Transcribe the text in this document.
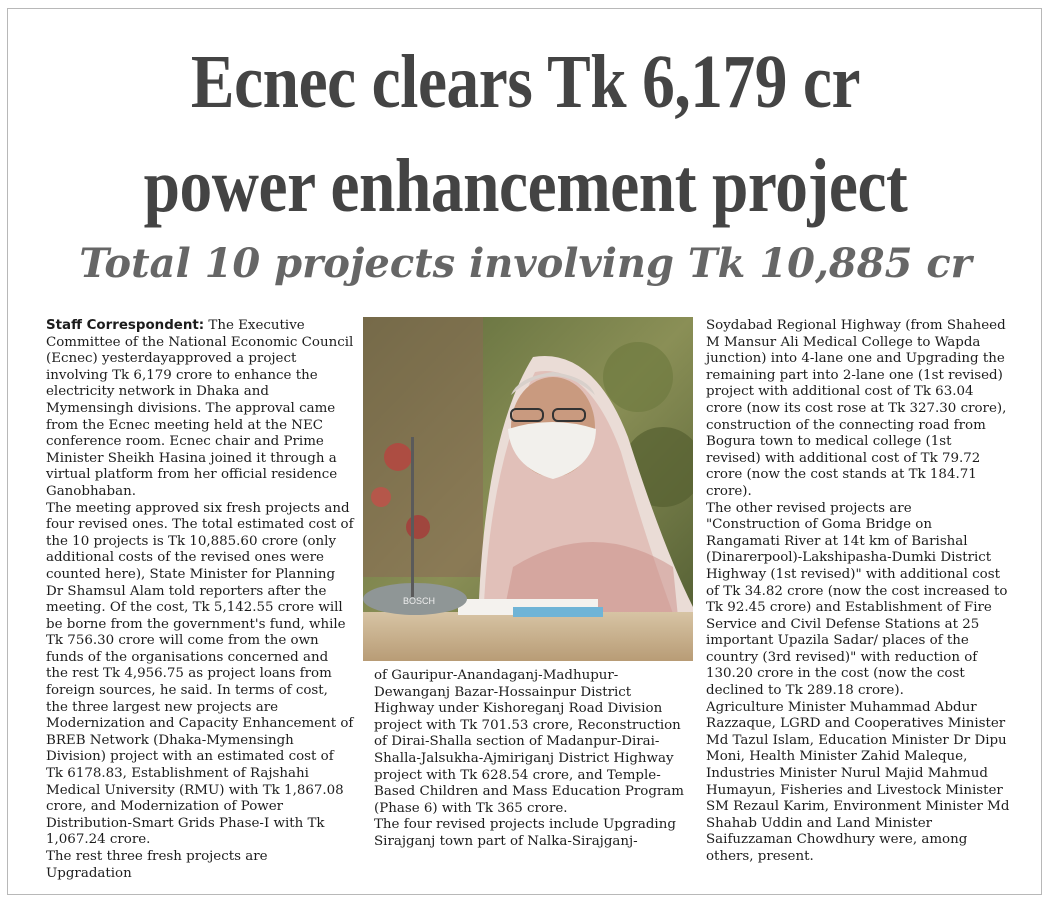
Ecnec clears Tk 6,179 cr
power enhancement project
Total 10 projects involving Tk 10,885 cr

Staff Correspondent: The Executive Committee of the National Economic Council (Ecnec) yesterdayapproved a project involving Tk 6,179 crore to enhance the electricity network in Dhaka and Mymensingh divisions. The approval came from the Ecnec meeting held at the NEC conference room. Ecnec chair and Prime Minister Sheikh Hasina joined it through a virtual platform from her official residence Ganobhaban.

The meeting approved six fresh projects and four revised ones. The total estimated cost of the 10 projects is Tk 10,885.60 crore (only additional costs of the revised ones were counted here), State Minister for Planning Dr Shamsul Alam told reporters after the meeting. Of the cost, Tk 5,142.55 crore will be borne from the government's fund, while Tk 756.30 crore will come from the own funds of the organisations concerned and the rest Tk 4,956.75 as project loans from foreign sources, he said. In terms of cost, the three largest new projects are Modernization and Capacity Enhancement of BREB Network (Dhaka-Mymensingh Division) project with an estimated cost of Tk 6178.83, Establishment of Rajshahi Medical University (RMU) with Tk 1,867.08 crore, and Modernization of Power Distribution-Smart Grids Phase-I with Tk 1,067.24 crore.

The rest three fresh projects are Upgradation

BOSCH

of Gauripur-Anandaganj-Madhupur-Dewanganj Bazar-Hossainpur District Highway under Kishoreganj Road Division project with Tk 701.53 crore, Reconstruction of Dirai-Shalla section of Madanpur-Dirai-Shalla-Jalsukha-Ajmiriganj District Highway project with Tk 628.54 crore, and Temple-Based Children and Mass Education Program (Phase 6) with Tk 365 crore.

The four revised projects include Upgrading Sirajganj town part of Nalka-Sirajganj-

Soydabad Regional Highway (from Shaheed M Mansur Ali Medical College to Wapda junction) into 4-lane one and Upgrading the remaining part into 2-lane one (1st revised) project with additional cost of Tk 63.04 crore (now its cost rose at Tk 327.30 crore), construction of the connecting road from Bogura town to medical college (1st revised) with additional cost of Tk 79.72 crore (now the cost stands at Tk 184.71 crore).

The other revised projects are "Construction of Goma Bridge on Rangamati River at 14t km of Barishal (Dinarerpool)-Lakshipasha-Dumki District Highway (1st revised)" with additional cost of Tk 34.82 crore (now the cost increased to Tk 92.45 crore) and Establishment of Fire Service and Civil Defense Stations at 25 important Upazila Sadar/ places of the country (3rd revised)" with reduction of 130.20 crore in the cost (now the cost declined to Tk 289.18 crore).

Agriculture Minister Muhammad Abdur Razzaque, LGRD and Cooperatives Minister Md Tazul Islam, Education Minister Dr Dipu Moni, Health Minister Zahid Maleque, Industries Minister Nurul Majid Mahmud Humayun, Fisheries and Livestock Minister SM Rezaul Karim, Environment Minister Md Shahab Uddin and Land Minister Saifuzzaman Chowdhury were, among others, present.
